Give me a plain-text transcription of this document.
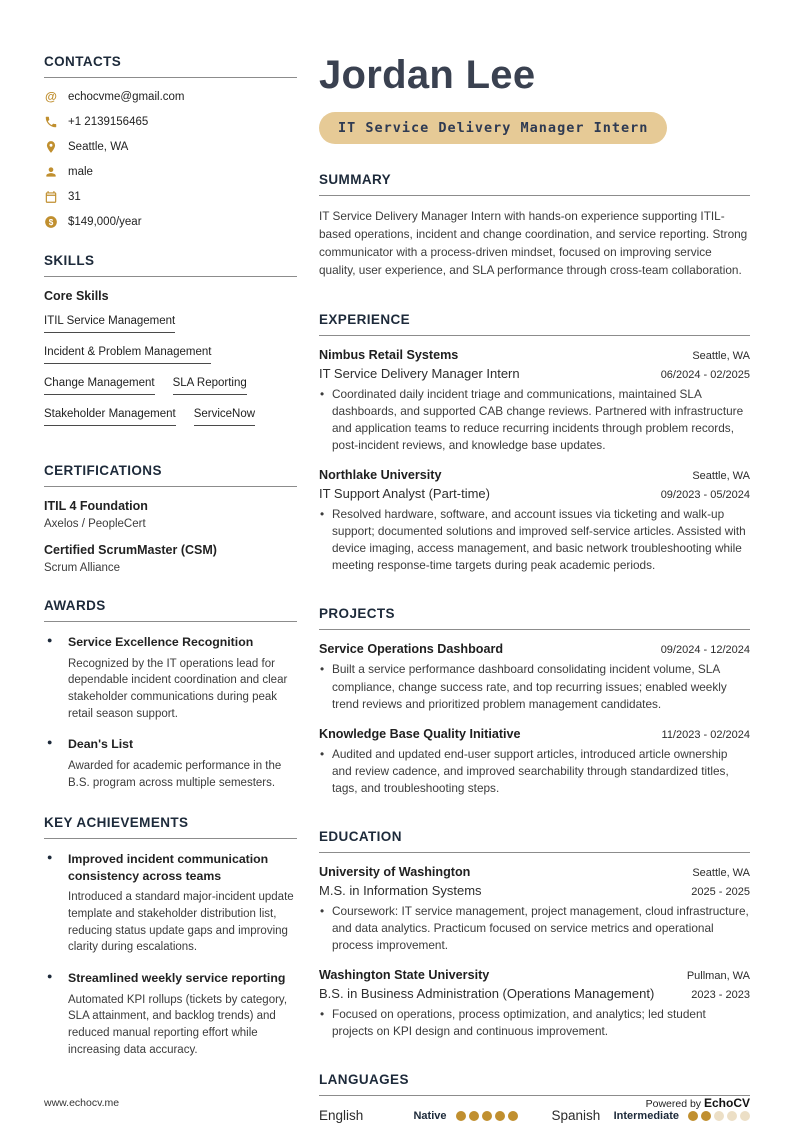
CONTACTS
@ echocvme@gmail.com
+1 2139156465
Seattle, WA
male
31
$ $149,000/year
SKILLS
Core Skills
ITIL Service Management
Incident & Problem Management
Change Management SLA Reporting
Stakeholder Management ServiceNow
CERTIFICATIONS
ITIL 4 Foundation
Axelos / PeopleCert
Certified ScrumMaster (CSM)
Scrum Alliance
AWARDS
● Service Excellence Recognition
Recognized by the IT operations lead for dependable incident coordination and clear stakeholder communications during peak retail season support.
● Dean's List
Awarded for academic performance in the B.S. program across multiple semesters.
KEY ACHIEVEMENTS
● Improved incident communication consistency across teams
Introduced a standard major-incident update template and stakeholder distribution list, reducing status update gaps and improving clarity during escalations.
● Streamlined weekly service reporting
Automated KPI rollups (tickets by category, SLA attainment, and backlog trends) and reduced manual reporting effort while increasing data accuracy.
Jordan Lee
IT Service Delivery Manager Intern
SUMMARY

IT Service Delivery Manager Intern with hands-on experience supporting ITIL-based operations, incident and change coordination, and service reporting. Strong communicator with a process-driven mindset, focused on improving service quality, user experience, and SLA performance through cross-team collaboration.

EXPERIENCE
Nimbus Retail Systems	Seattle, WA
IT Service Delivery Manager Intern	06/2024 - 02/2025
• Coordinated daily incident triage and communications, maintained SLA dashboards, and supported CAB change reviews. Partnered with infrastructure and application teams to reduce recurring incidents through problem records, post-incident reviews, and knowledge base updates.
Northlake University	Seattle, WA
IT Support Analyst (Part-time)	09/2023 - 05/2024
• Resolved hardware, software, and account issues via ticketing and walk-up support; documented solutions and improved self-service articles. Assisted with device imaging, access management, and basic network troubleshooting while meeting response-time targets during peak academic periods.
PROJECTS
Service Operations Dashboard	09/2024 - 12/2024
• Built a service performance dashboard consolidating incident volume, SLA compliance, change success rate, and top recurring issues; enabled weekly trend reviews and prioritized problem management candidates.
Knowledge Base Quality Initiative	11/2023 - 02/2024
• Audited and updated end-user support articles, introduced article ownership and review cadence, and improved searchability through standardized titles, tags, and troubleshooting steps.
EDUCATION
University of Washington	Seattle, WA
M.S. in Information Systems	2025 - 2025
• Coursework: IT service management, project management, cloud infrastructure, and data analytics. Practicum focused on service metrics and operational process improvement.
Washington State University	Pullman, WA
B.S. in Business Administration (Operations Management)	2023 - 2023
• Focused on operations, process optimization, and analytics; led student projects on KPI design and continuous improvement.
LANGUAGES
English	Native	Spanish Intermediate
www.echocv.me	Powered by EchoCV
